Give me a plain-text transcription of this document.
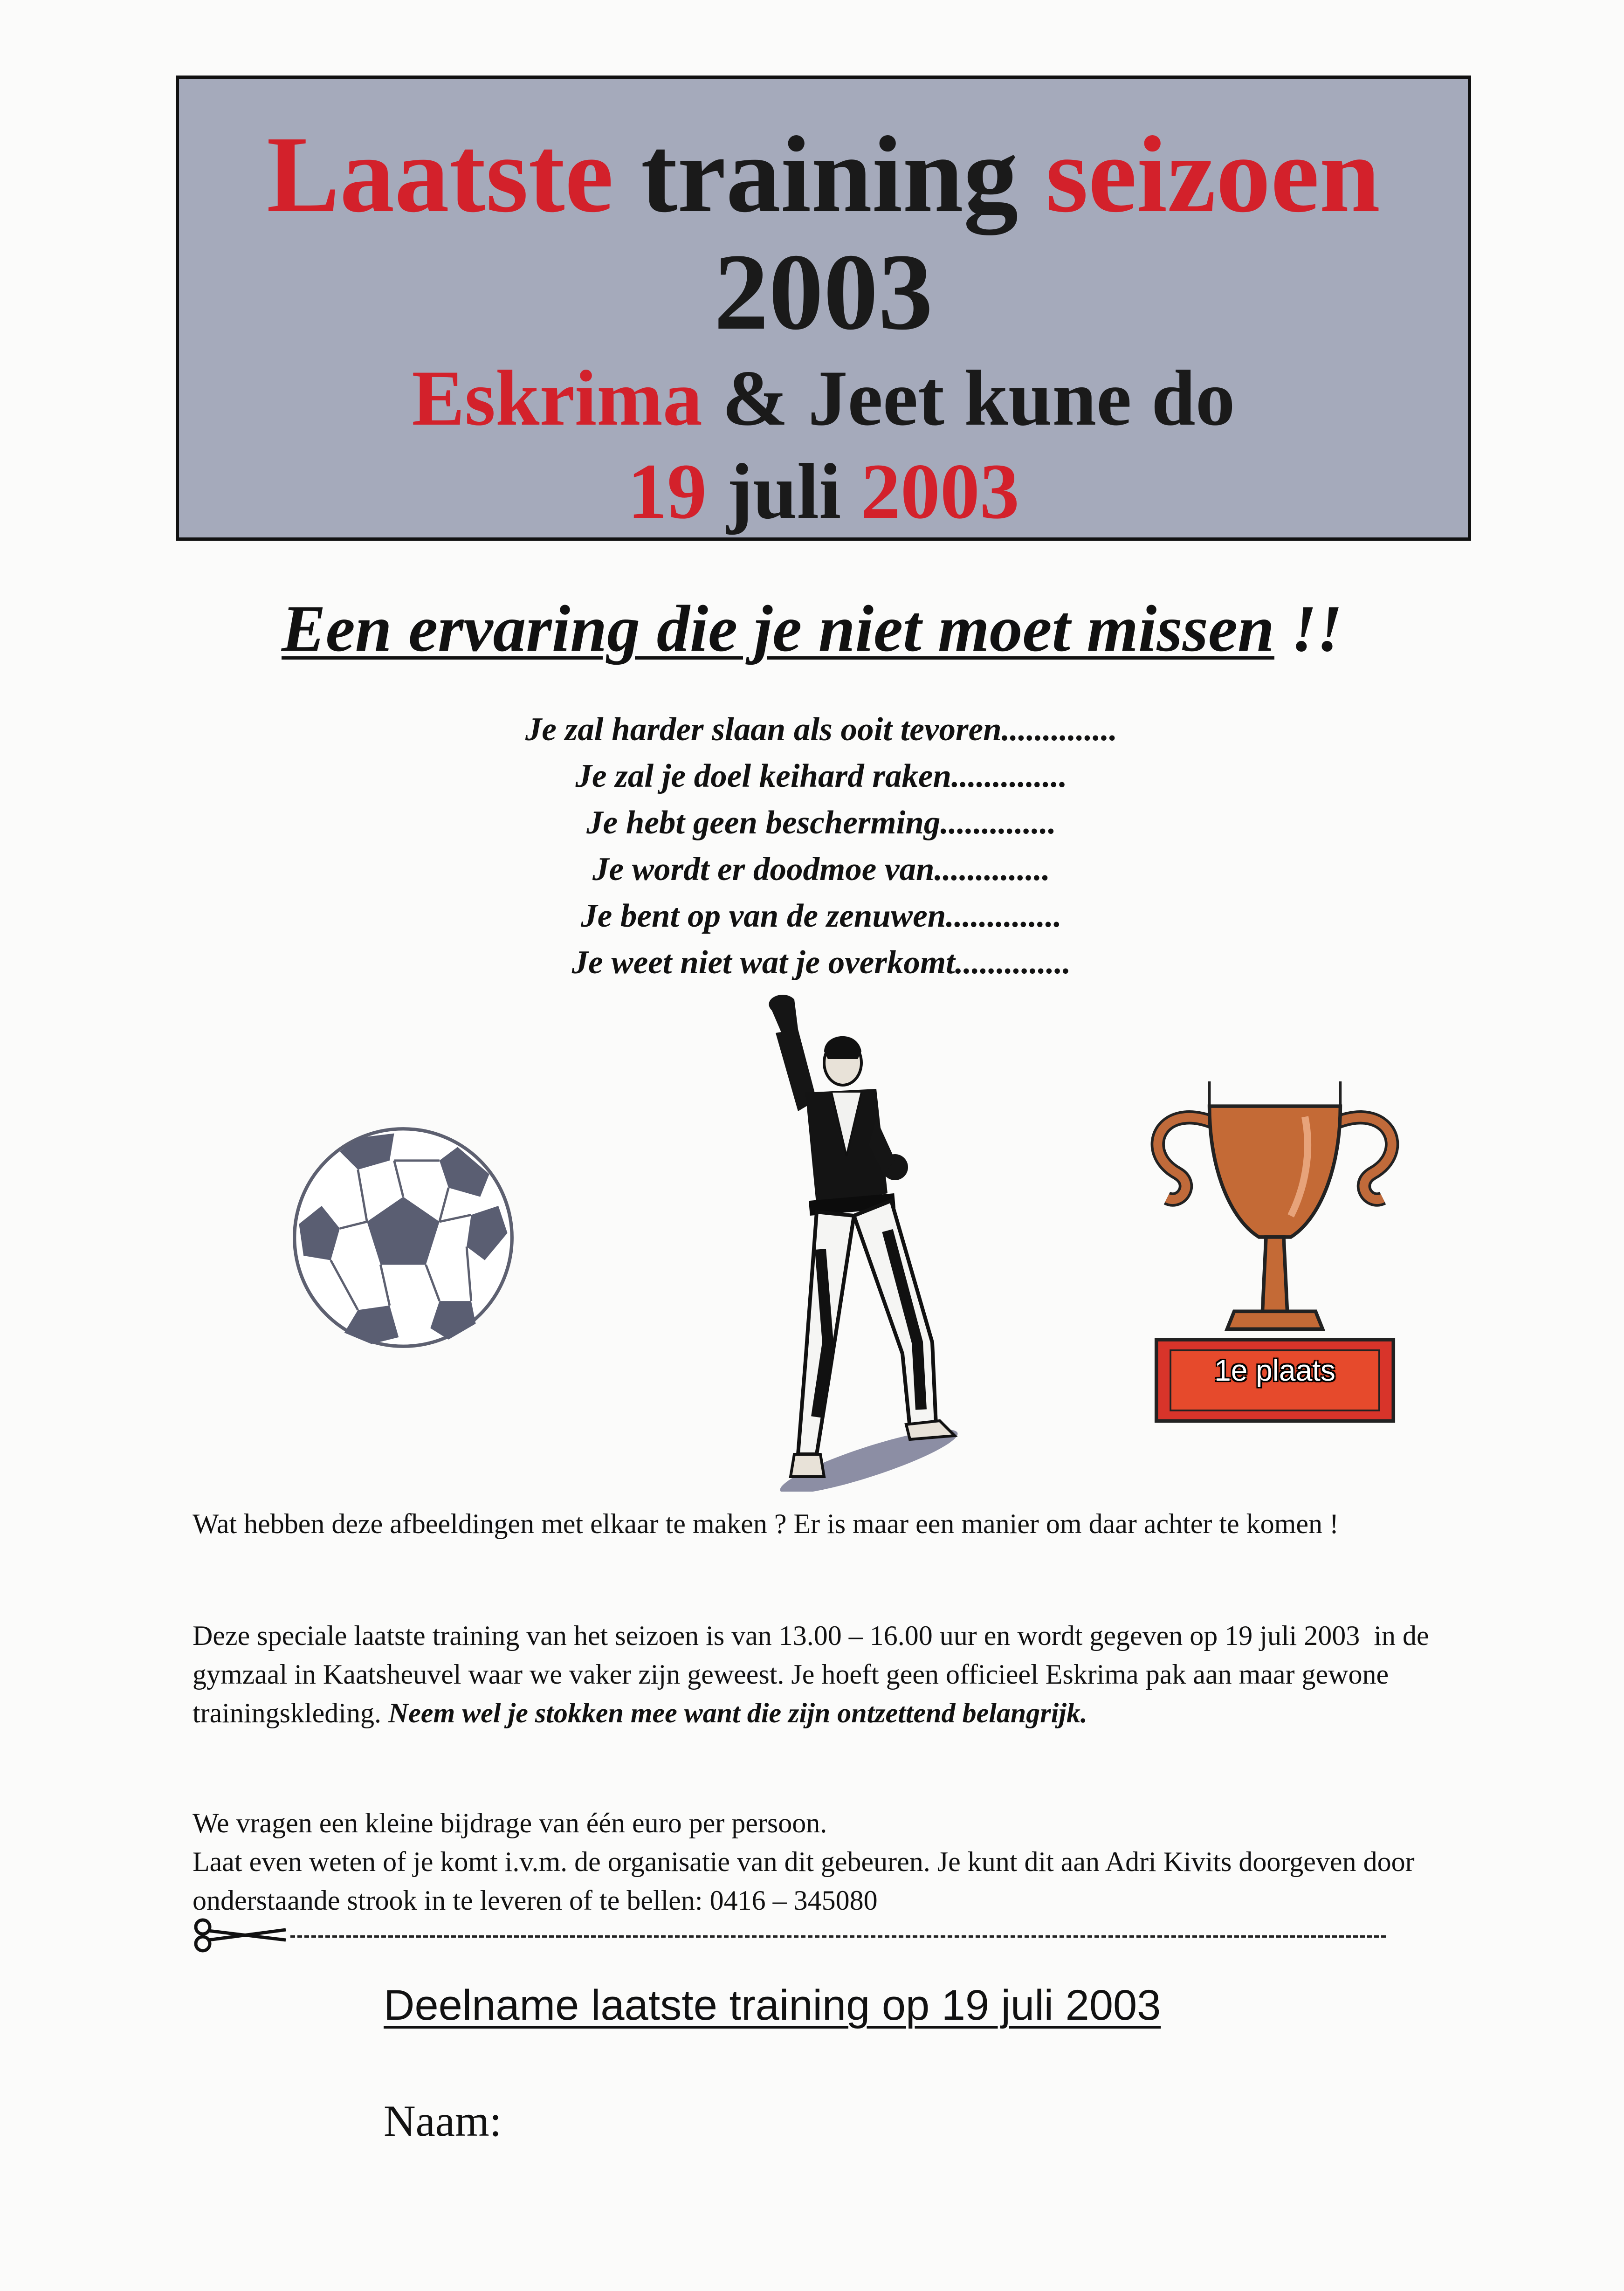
Laatste training seizoen
2003
Eskrima & Jeet kune do
19 juli 2003
Een ervaring die je niet moet missen !!
Je zal harder slaan als ooit tevoren..............
Je zal je doel keihard raken..............
Je hebt geen bescherming..............
Je wordt er doodmoe van..............
Je bent op van de zenuwen..............
Je weet niet wat je overkomt..............
1e plaats

Wat hebben deze afbeeldingen met elkaar te maken ? Er is maar een manier om daar achter te komen !

Deze speciale laatste training van het seizoen is van 13.00 – 16.00 uur en wordt gegeven op 19 juli 2003  in de gymzaal in Kaatsheuvel waar we vaker zijn geweest. Je hoeft geen officieel Eskrima pak aan maar gewone trainingskleding. Neem wel je stokken mee want die zijn ontzettend belangrijk.

We vragen een kleine bijdrage van één euro per persoon.

Laat even weten of je komt i.v.m. de organisatie van dit gebeuren. Je kunt dit aan Adri Kivits doorgeven door onderstaande strook in te leveren of te bellen: 0416 – 345080

Deelname laatste training op 19 juli 2003
Naam:
